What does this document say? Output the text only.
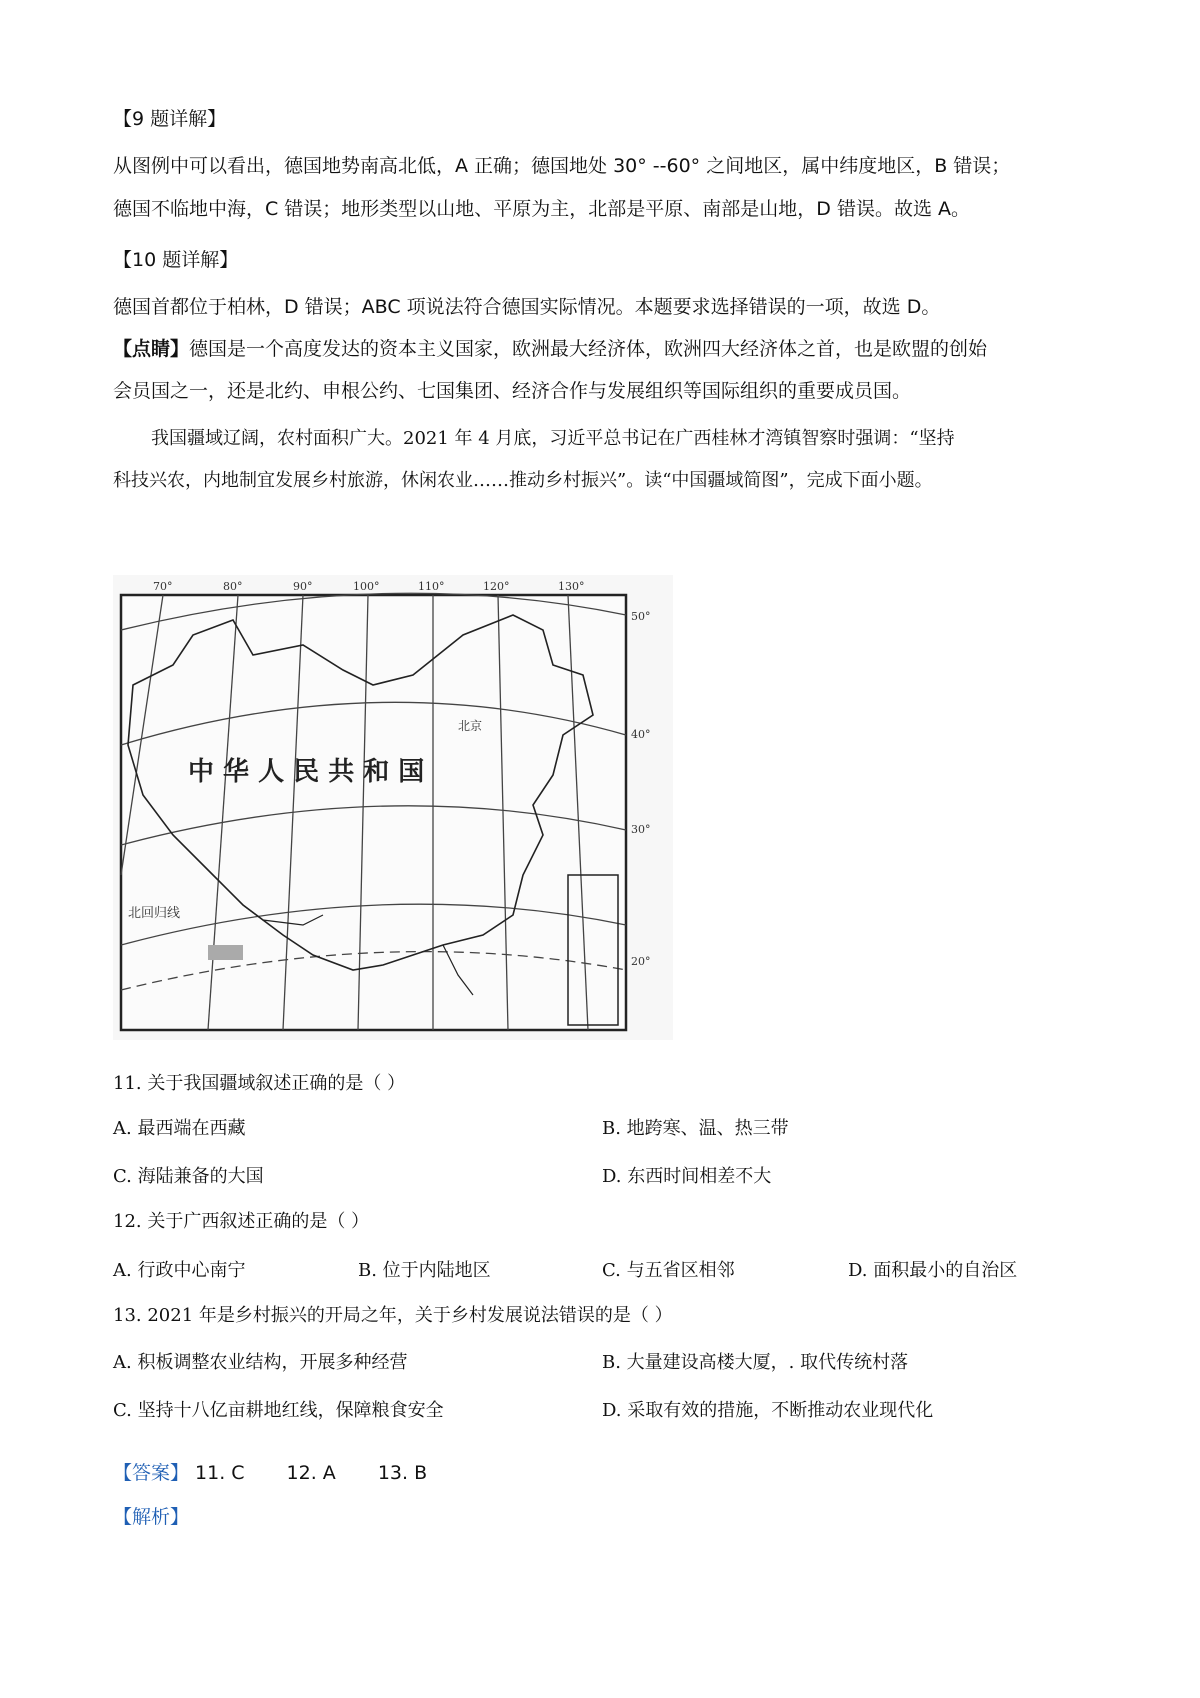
【9 题详解】
从图例中可以看出，德国地势南高北低，A 正确；德国地处 30° --60° 之间地区，属中纬度地区，B 错误；
德国不临地中海，C 错误；地形类型以山地、平原为主，北部是平原、南部是山地，D 错误。故选 A。
【10 题详解】
德国首都位于柏林，D 错误；ABC 项说法符合德国实际情况。本题要求选择错误的一项，故选 D。
【点睛】德国是一个高度发达的资本主义国家，欧洲最大经济体，欧洲四大经济体之首，也是欧盟的创始
会员国之一，还是北约、申根公约、七国集团、经济合作与发展组织等国际组织的重要成员国。
我国疆域辽阔，农村面积广大。2021 年 4 月底，习近平总书记在广西桂林才湾镇智察时强调：“坚持
科技兴农，内地制宜发展乡村旅游，休闲农业……推动乡村振兴”。读“中国疆域简图”，完成下面小题。
70°	80°	90°	100°	110°	120°	130°
50°
40°
30°
20°
中 华 人 民 共 和 国
北京
北回归线
11. 关于我国疆域叙述正确的是（ ）
A. 最西端在西藏	B. 地跨寒、温、热三带
C. 海陆兼备的大国	D. 东西时间相差不大
12. 关于广西叙述正确的是（ ）
A. 行政中心南宁	B. 位于内陆地区	C. 与五省区相邻	D. 面积最小的自治区
13. 2021 年是乡村振兴的开局之年，关于乡村发展说法错误的是（ ）
A. 积板调整农业结构，开展多种经营	B. 大量建设高楼大厦，. 取代传统村落
C. 坚持十八亿亩耕地红线，保障粮食安全	D. 采取有效的措施，不断推动农业现代化
【答案】 11. C 12. A 13. B
【解析】
